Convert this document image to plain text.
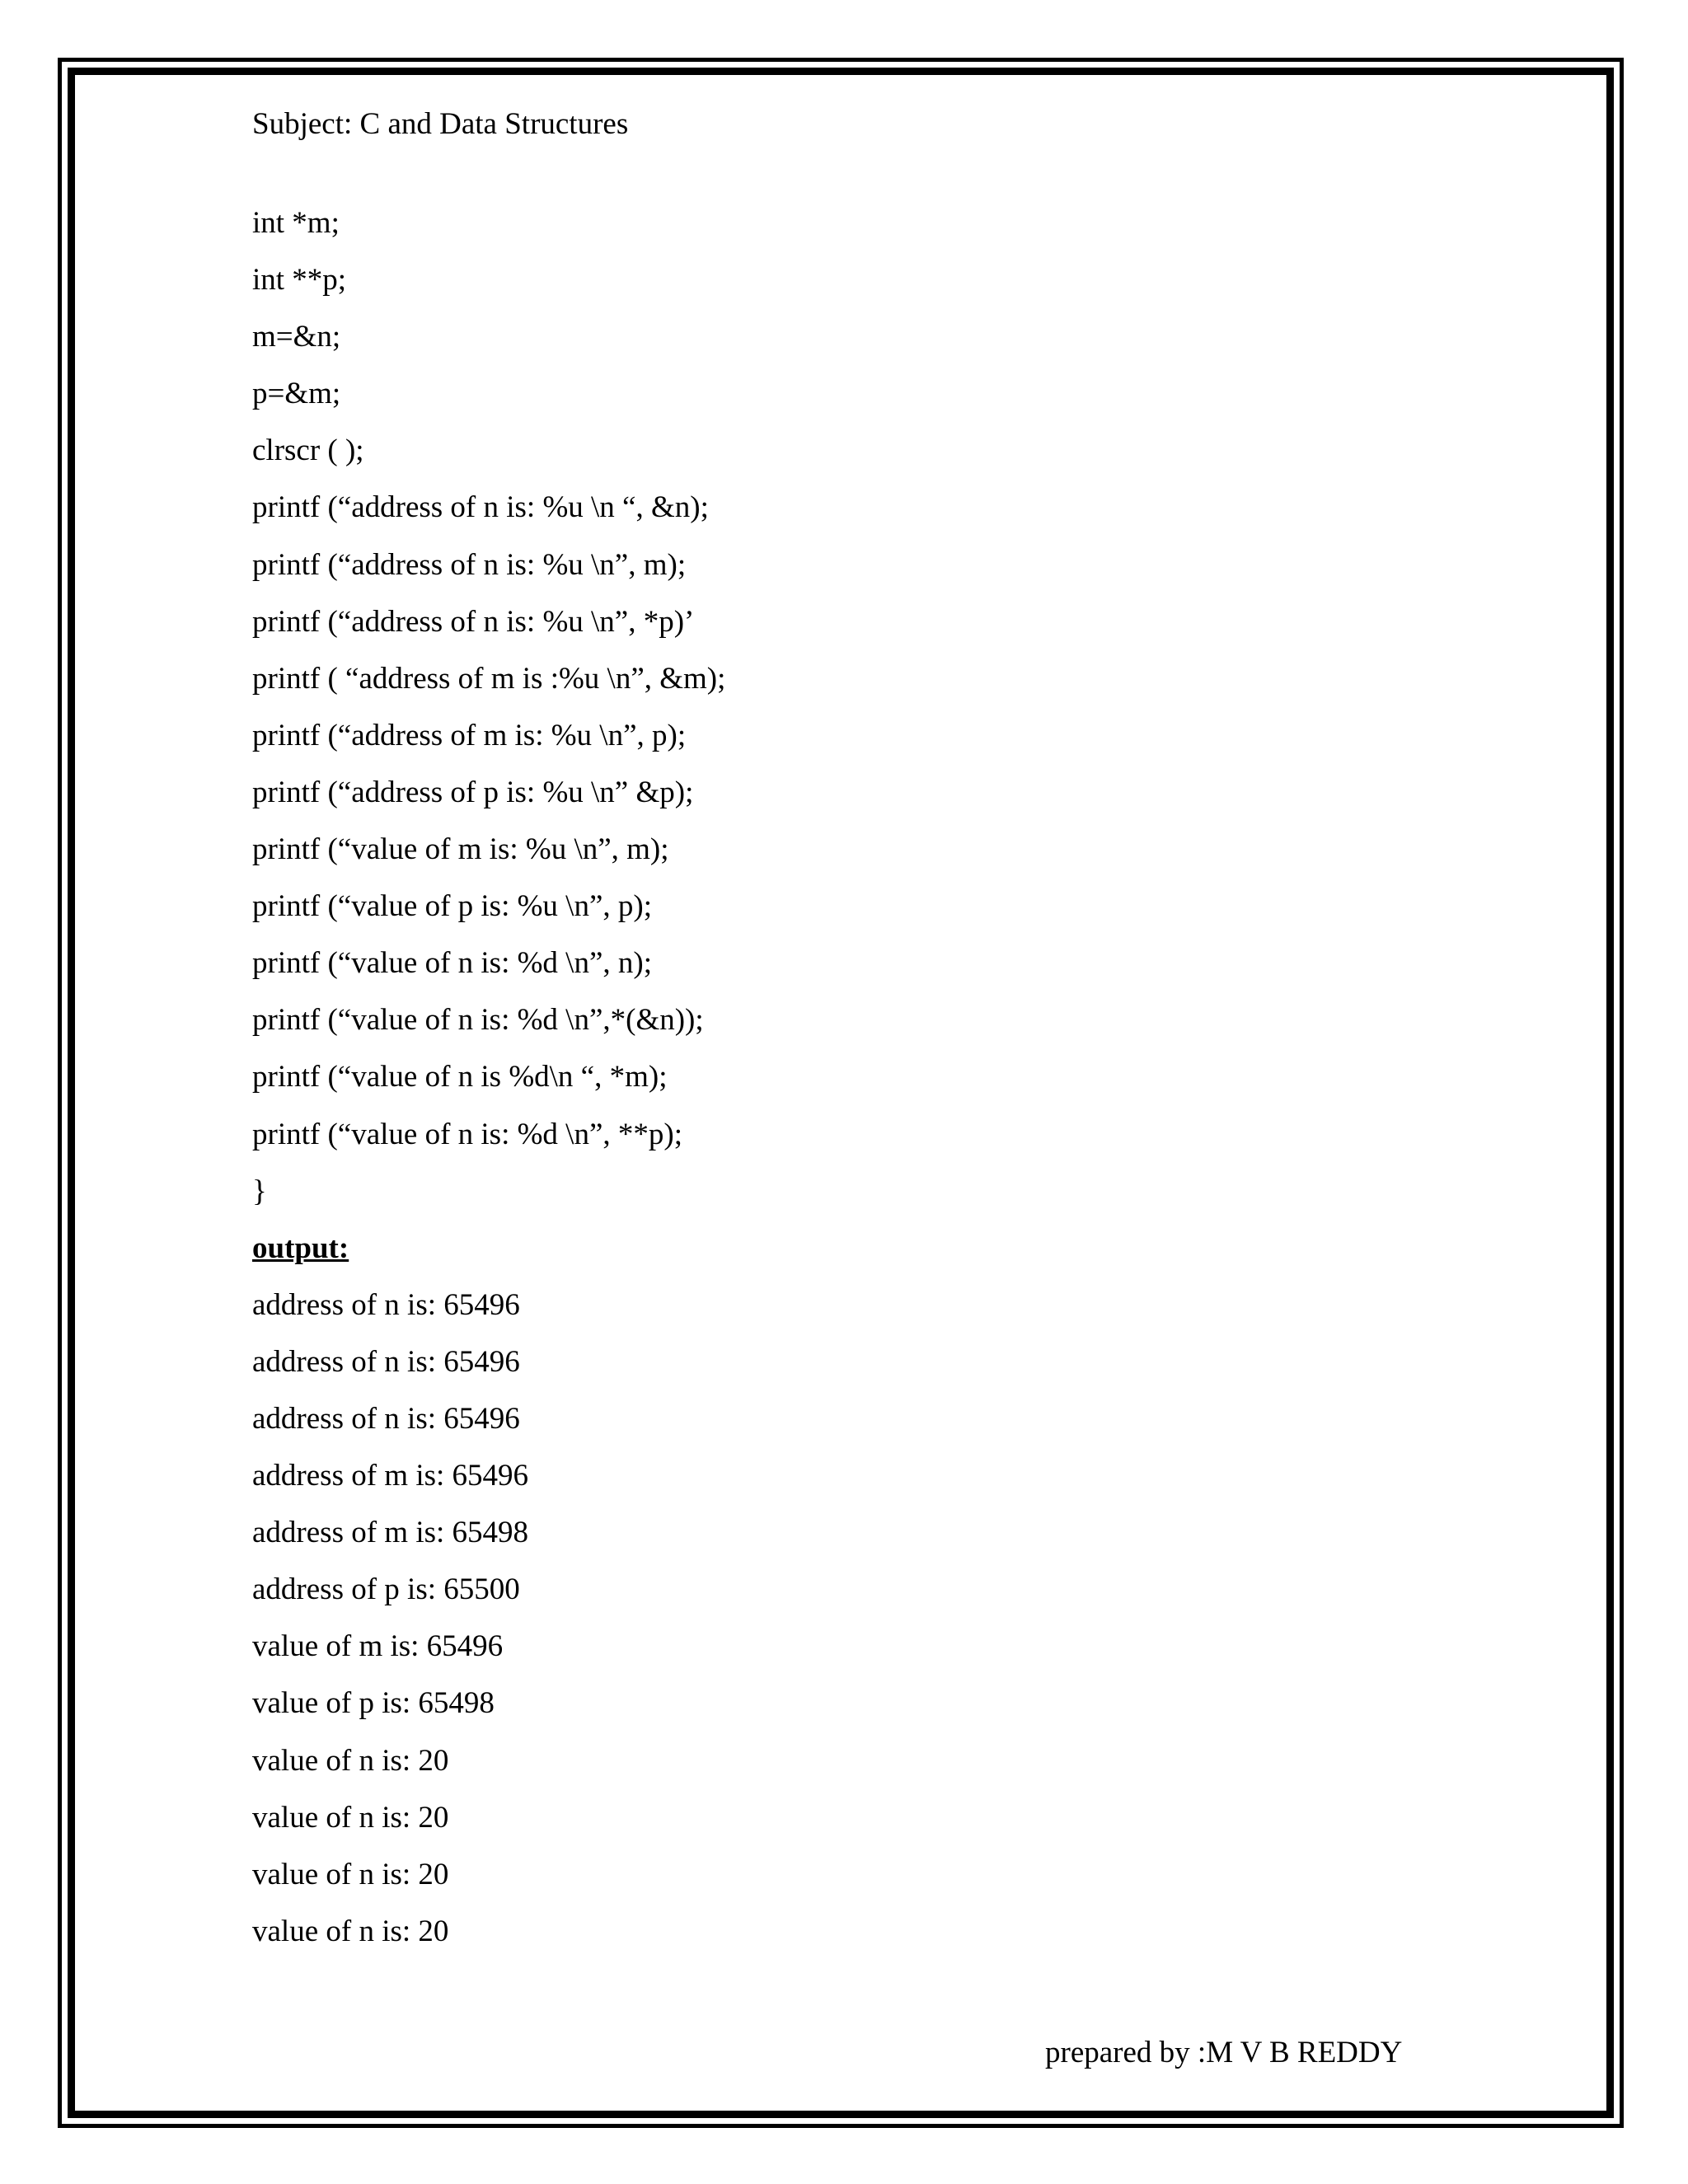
Subject: C and Data Structures
int *m;
int **p;
m=&n;
p=&m;
clrscr ( );
printf (“address of n is: %u \n “, &n);
printf (“address of n is: %u \n”, m);
printf (“address of n is: %u \n”, *p)’
printf ( “address of m is :%u \n”, &m);
printf (“address of m is: %u \n”, p);
printf (“address of p is: %u \n” &p);
printf (“value of m is: %u \n”, m);
printf (“value of p is: %u \n”, p);
printf (“value of n is: %d \n”, n);
printf (“value of n is: %d \n”,*(&n));
printf (“value of n is %d\n “, *m);
printf (“value of n is: %d \n”, **p);
}
output:
address of n is: 65496
address of n is: 65496
address of n is: 65496
address of m is: 65496
address of m is: 65498
address of p is: 65500
value of m is: 65496
value of p is: 65498
value of n is: 20
value of n is: 20
value of n is: 20
value of n is: 20
prepared by :M V B REDDY
